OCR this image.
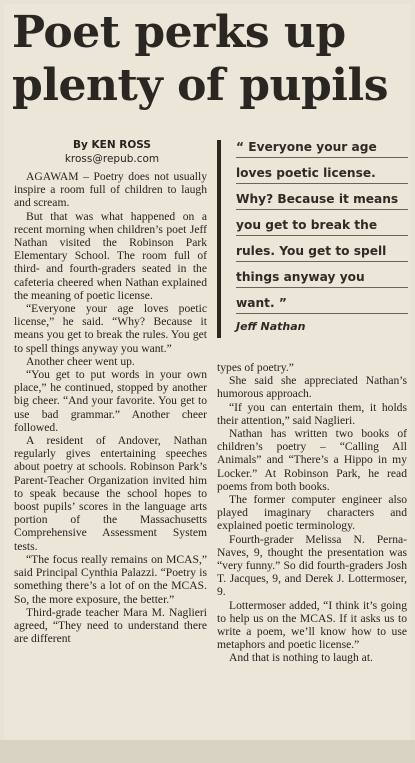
Poet perks up plenty of pupils
By KEN ROSS
kross@repub.com

AGAWAM – Poetry does not usually inspire a room full of children to laugh and scream.

But that was what happened on a recent morning when children’s poet Jeff Nathan visited the Robinson Park Elementary School. The room full of third- and fourth-graders seated in the cafeteria cheered when Nathan explained the meaning of poetic license.

“Everyone your age loves poetic license,” he said. “Why? Because it means you get to break the rules. You get to spell things anyway you want.”

Another cheer went up.

“You get to put words in your own place,” he continued, stopped by another big cheer. “And your favorite. You get to use bad grammar.” Another cheer followed.

A resident of Andover, Nathan regularly gives entertaining speeches about poetry at schools. Robinson Park’s Parent-Teacher Organization invited him to speak because the school hopes to boost pupils’ scores in the language arts portion of the Massachusetts Comprehensive Assessment System tests.

“The focus really remains on MCAS,” said Principal Cynthia Palazzi. “Poetry is something there’s a lot of on the MCAS. So, the more exposure, the better.”

Third-grade teacher Mara M. Naglieri agreed, “They need to understand there are different

“ Everyone your age
loves poetic license.
Why? Because it means
you get to break the
rules. You get to spell
things anyway you
want. ”
Jeff Nathan

types of poetry.”

She said she appreciated Nathan’s humorous approach.

“If you can entertain them, it holds their attention,” said Naglieri.

Nathan has written two books of children’s poetry – “Calling All Animals” and “There’s a Hippo in my Locker.” At Robinson Park, he read poems from both books.

The former computer engineer also played imaginary characters and explained poetic terminology.

Fourth-grader Melissa N. Perna-Naves, 9, thought the presentation was “very funny.” So did fourth-graders Josh T. Jacques, 9, and Derek J. Lottermoser, 9.

Lottermoser added, “I think it’s going to help us on the MCAS. If it asks us to write a poem, we’ll know how to use metaphors and poetic license.”

And that is nothing to laugh at.
